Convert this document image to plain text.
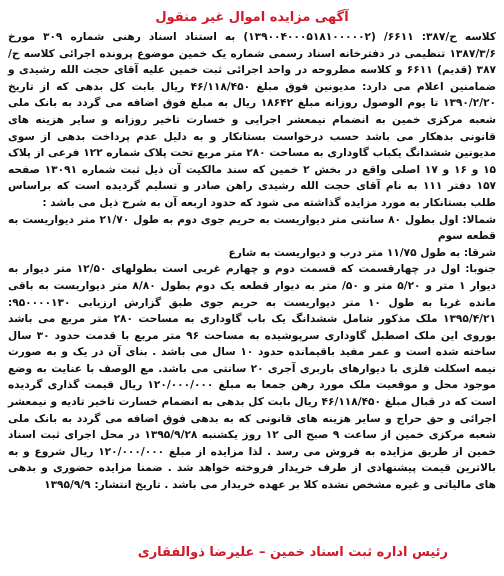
آگهی مزایده اموال غیر منقول

کلاسه ح/۳۸۷: ۶۶۱۱/ (۱۳۹۰۰۴۰۰۰۵۱۸۱۰۰۰۰۰۲) به استناد اسناد رهنی شماره ۳۰۹ مورخ ۱۳۸۷/۳/۶ تنظیمی در دفترخانه اسناد رسمی شماره یک خمین موضوع پرونده اجرائی کلاسه ح/۳۸۷ (قدیم) ۶۶۱۱ و کلاسه مطروحه در واحد اجرائی ثبت خمین علیه آقای حجت الله رشیدی و ضمامنین اعلام می دارد: مدیونین فوق مبلغ ۴۶/۱۱۸/۴۵۰ ریال بابت کل بدهی که از تاریخ ۱۳۹۰/۲/۲۰ تا یوم الوصول روزانه مبلغ ۱۸۶۴۲ ریال به مبلغ فوق اضافه می گردد به بانک ملی شعبه مرکزی خمین به انضمام نیمعشر اجرایی و خسارت تاخیر روزانه و سایر هزینه های قانونی بدهکار می باشد حسب درخواست بستانکار و به دلیل عدم پرداخت بدهی از سوی مدیونین ششدانگ یکباب گاوداری به مساحت ۲۸۰ متر مربع تحت پلاک شماره ۱۲۲ فرعی از پلاک ۱۵ و ۱۶ و ۱۷ اصلی واقع در بخش ۲ خمین که سند مالکیت آن ذیل ثبت شماره ۱۳۰۹۱ صفحه ۱۵۷ دفتر ۱۱۱ به نام آقای حجت الله رشیدی راهن صادر و تسلیم گردیده است که براساس طلب بستانکار به مورد مزایده گذاشته می شود که حدود اربعه آن به شرح ذیل می باشد :

شمالا: اول بطول ۸۰ سانتی متر دیواریست به حریم جوی دوم به طول ۲۱/۷۰ متر دیواریست به قطعه سوم

شرقا: به طول ۱۱/۷۵ متر درب و دیواریست به شارع

جنوبا: اول در چهارقسمت که قسمت دوم و چهارم غربی است بطولهای ۱۲/۵۰ متر دیوار به دیوار ۱ متر و ۵/۲۰ متر و ۵۰/ متر به دیوار قطعه یک دوم بطول ۸/۸۰ متر دیواریست به باقی مانده غربا به طول ۱۰ متر دیواریست به حریم جوی طبق گزارش ارزیابی ۹۵۰۰۰۰۱۳۰: ۱۳۹۵/۴/۲۱ ملک مذکور شامل ششدانگ یک باب گاوداری به مساحت ۲۸۰ متر مربع می باشد بوروی این ملک اصطبل گاوداری سرپوشیده به مساحت ۹۶ متر مربع با قدمت حدود ۳۰ سال ساخته شده است و عمر مفید باقیمانده حدود ۱۰ سال می باشد . بنای آن در یک و به صورت نیمه اسکلت فلزی با دیوارهای باربری آجری ۲۰ سانتی می باشد. مع الوصف با عنایت به وضع موجود محل و موقعیت ملک مورد رهن جمعا به مبلغ ۱۲۰/۰۰۰/۰۰۰ ریال قیمت گذاری گردیده است که در قبال مبلغ ۴۶/۱۱۸/۴۵۰ ریال بابت کل بدهی به انضمام خسارت تاخیر تادیه و نیمعشر اجرائی و حق حراج و سایر هزینه های قانونی که به بدهی فوق اضافه می گردد به بانک ملی شعبه مرکزی خمین از ساعت ۹ صبح الی ۱۲ روز یکشنبه ۱۳۹۵/۹/۲۸ در محل اجرای ثبت اسناد خمین از طریق مزایده به فروش می رسد . لذا مزایده از مبلغ ۱۲۰/۰۰۰/۰۰۰ ریال شروع و به بالاترین قیمت پیشنهادی از طرف خریدار فروخته خواهد شد . ضمنا مزایده حضوری و بدهی های مالیاتی و غیره مشخص نشده کلا بر عهده خریدار می باشد . تاریخ انتشار: ۱۳۹۵/۹/۹

رئیس اداره ثبت اسناد خمین – علیرضا ذوالفقاری
